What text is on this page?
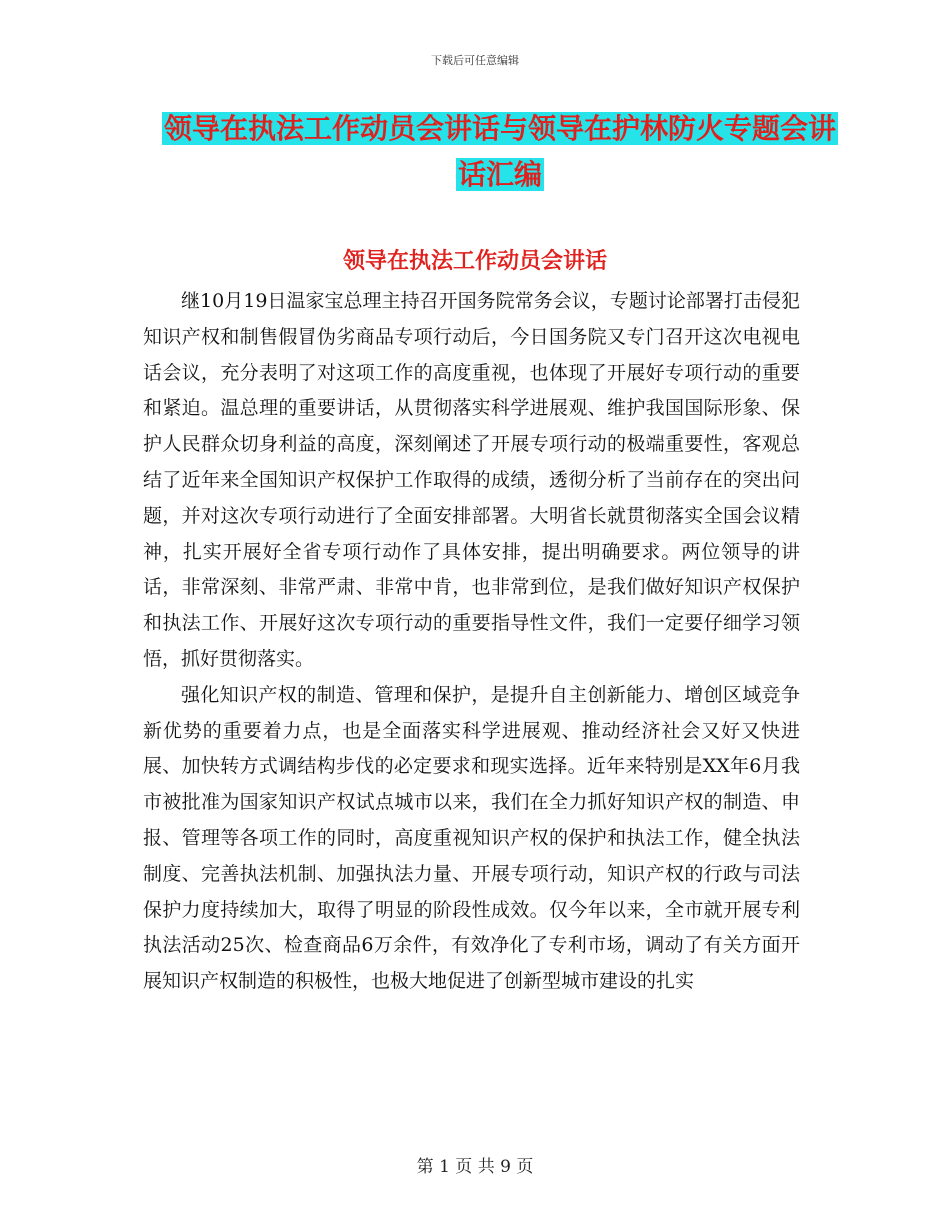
下载后可任意编辑
领导在执法工作动员会讲话与领导在护林防火专题会讲话汇编
领导在执法工作动员会讲话

继10月19日温家宝总理主持召开国务院常务会议，专题讨论部署打击侵犯知识产权和制售假冒伪劣商品专项行动后，今日国务院又专门召开这次电视电话会议，充分表明了对这项工作的高度重视，也体现了开展好专项行动的重要和紧迫。温总理的重要讲话，从贯彻落实科学进展观、维护我国国际形象、保护人民群众切身利益的高度，深刻阐述了开展专项行动的极端重要性，客观总结了近年来全国知识产权保护工作取得的成绩，透彻分析了当前存在的突出问题，并对这次专项行动进行了全面安排部署。大明省长就贯彻落实全国会议精神，扎实开展好全省专项行动作了具体安排，提出明确要求。两位领导的讲话，非常深刻、非常严肃、非常中肯，也非常到位，是我们做好知识产权保护和执法工作、开展好这次专项行动的重要指导性文件，我们一定要仔细学习领悟，抓好贯彻落实。

强化知识产权的制造、管理和保护，是提升自主创新能力、增创区域竞争新优势的重要着力点，也是全面落实科学进展观、推动经济社会又好又快进展、加快转方式调结构步伐的必定要求和现实选择。近年来特别是XX年6月我市被批准为国家知识产权试点城市以来，我们在全力抓好知识产权的制造、申报、管理等各项工作的同时，高度重视知识产权的保护和执法工作，健全执法制度、完善执法机制、加强执法力量、开展专项行动，知识产权的行政与司法保护力度持续加大，取得了明显的阶段性成效。仅今年以来，全市就开展专利执法活动25次、检查商品6万余件，有效净化了专利市场，调动了有关方面开展知识产权制造的积极性，也极大地促进了创新型城市建设的扎实

第 1 页 共 9 页
